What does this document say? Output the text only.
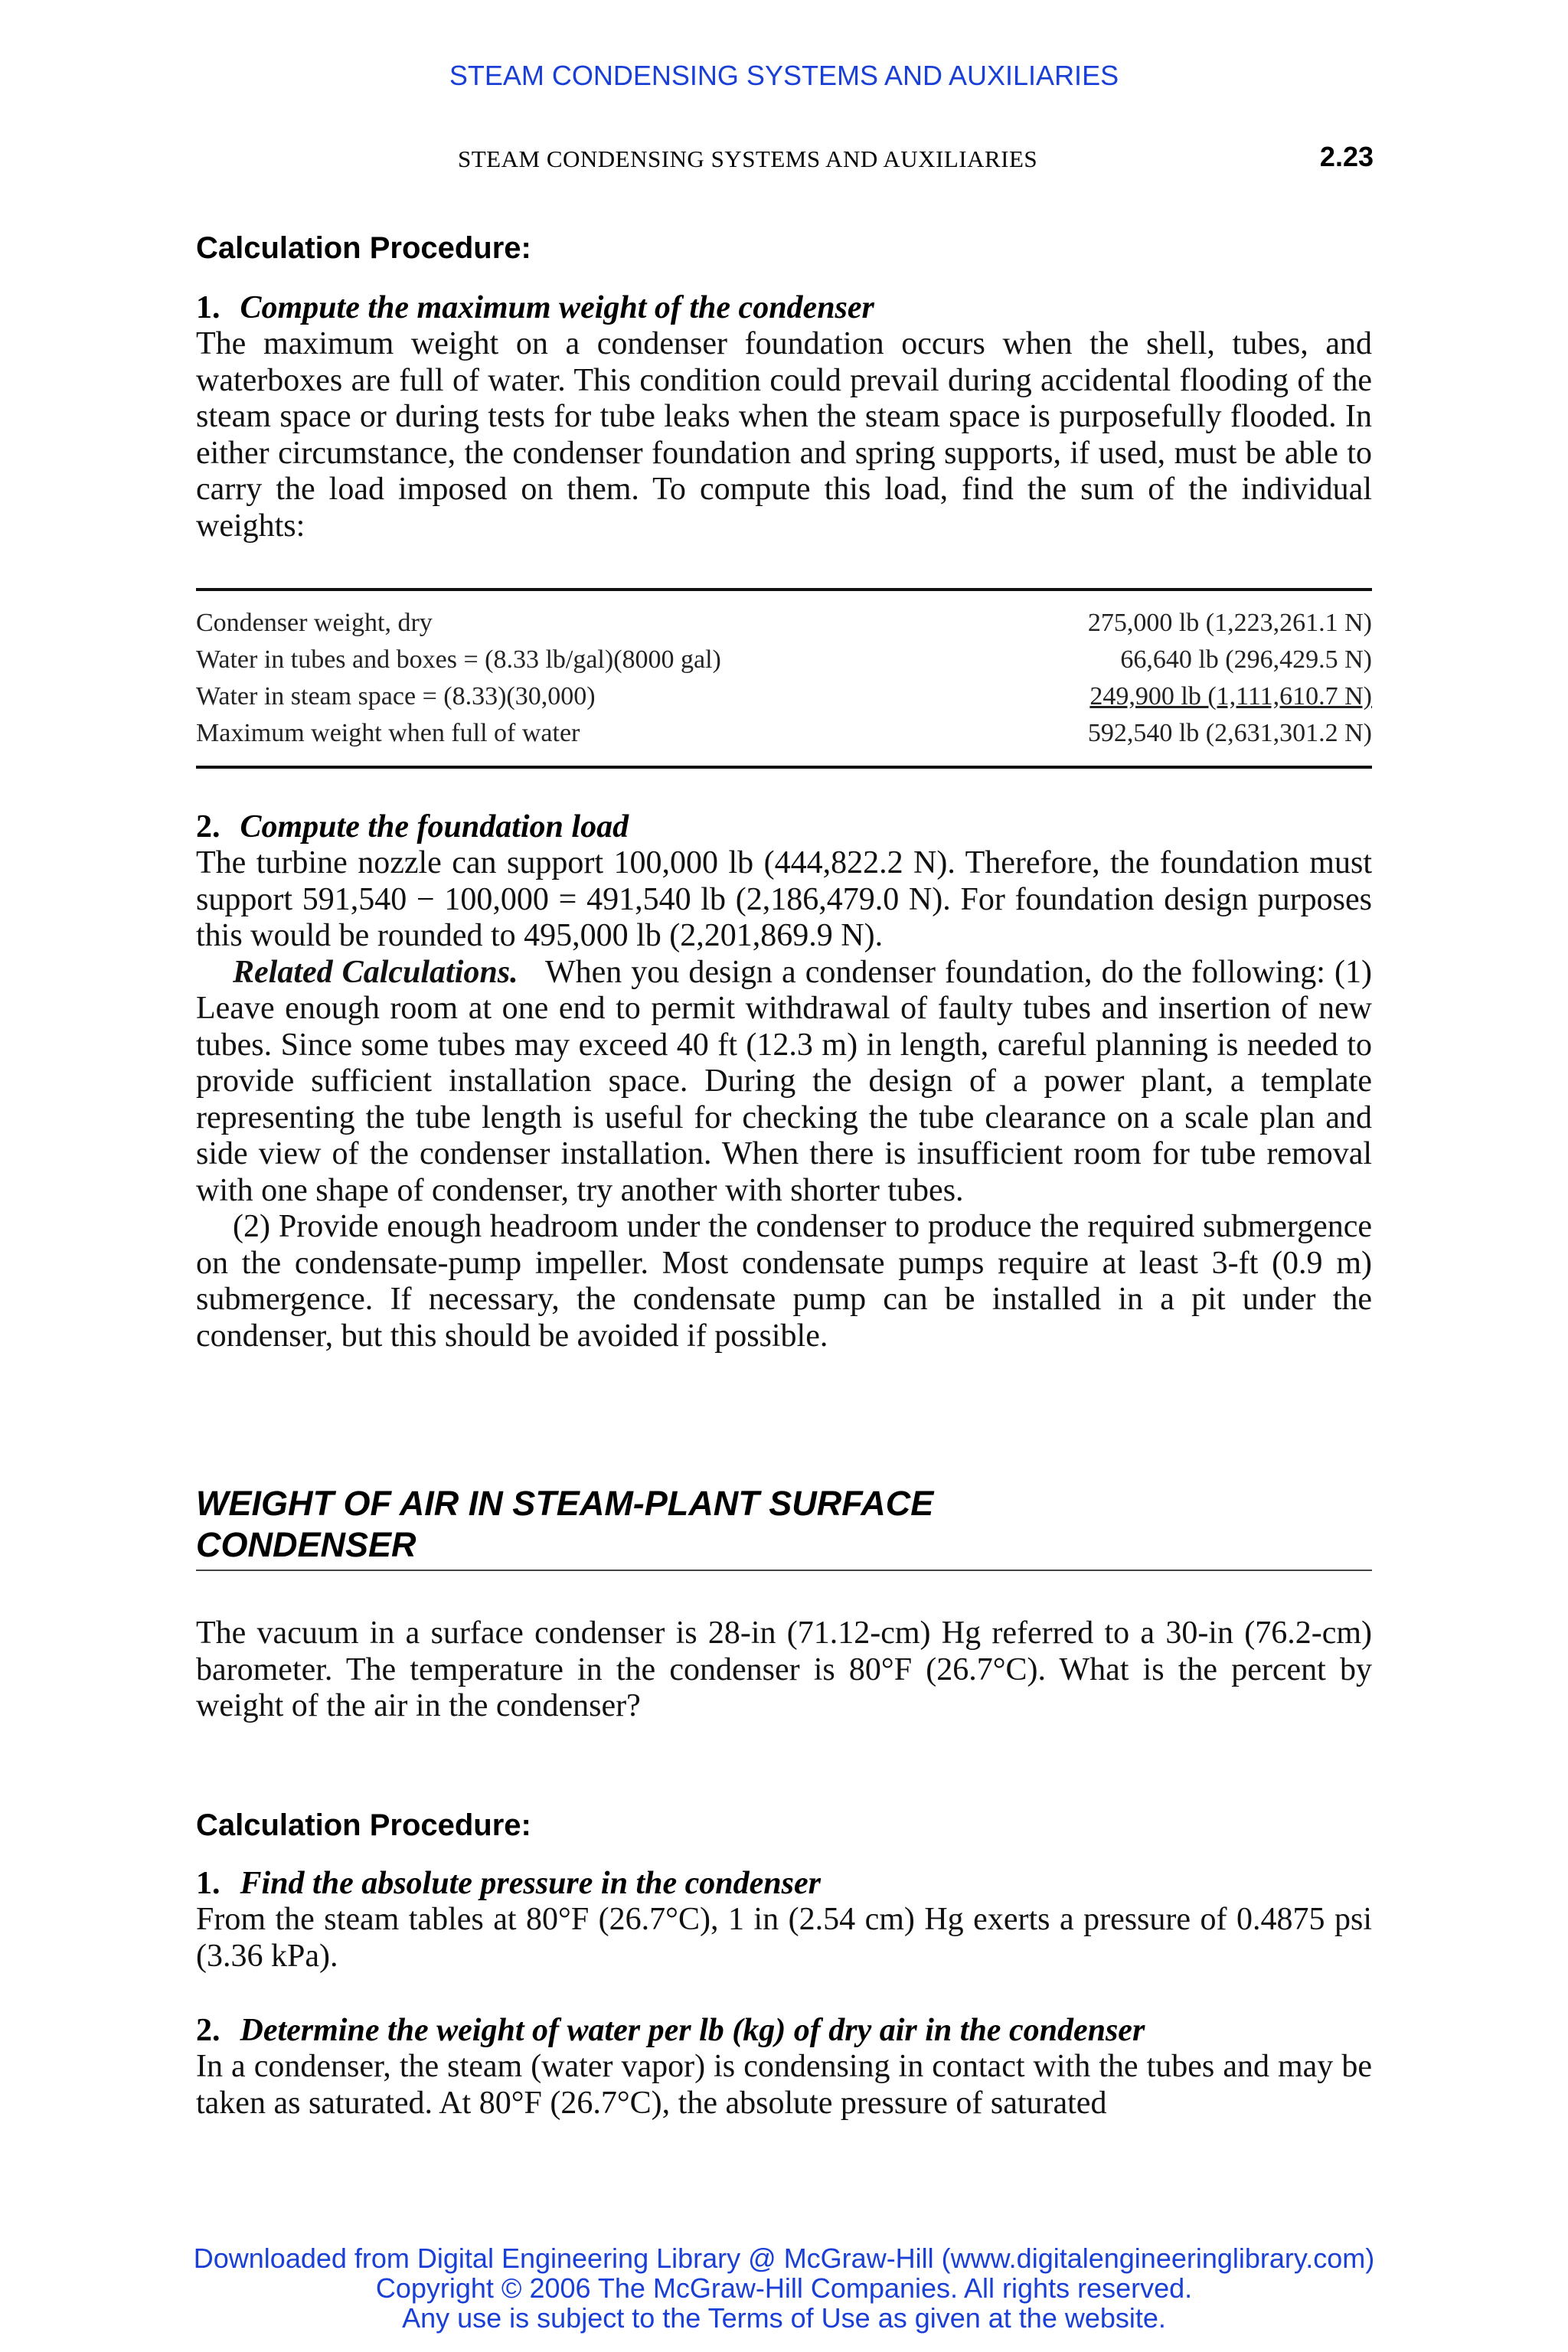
STEAM CONDENSING SYSTEMS AND AUXILIARIES
STEAM CONDENSING SYSTEMS AND AUXILIARIES	2.23
Calculation Procedure:
1. Compute the maximum weight of the condenser

The maximum weight on a condenser foundation occurs when the shell, tubes, and waterboxes are full of water. This condition could prevail during accidental flooding of the steam space or during tests for tube leaks when the steam space is purposefully flooded. In either circumstance, the condenser foundation and spring supports, if used, must be able to carry the load imposed on them. To compute this load, find the sum of the individual weights:

Condenser weight, dry	275,000 lb (1,223,261.1 N)
Water in tubes and boxes = (8.33 lb/gal)(8000 gal)	66,640 lb (296,429.5 N)
Water in steam space = (8.33)(30,000)	249,900 lb (1,111,610.7 N)
Maximum weight when full of water	592,540 lb (2,631,301.2 N)
2. Compute the foundation load

The turbine nozzle can support 100,000 lb (444,822.2 N). Therefore, the foundation must support 591,540 − 100,000 = 491,540 lb (2,186,479.0 N). For foundation design purposes this would be rounded to 495,000 lb (2,201,869.9 N).

Related Calculations. When you design a condenser foundation, do the following: (1) Leave enough room at one end to permit withdrawal of faulty tubes and insertion of new tubes. Since some tubes may exceed 40 ft (12.3 m) in length, careful planning is needed to provide sufficient installation space. During the design of a power plant, a template representing the tube length is useful for checking the tube clearance on a scale plan and side view of the condenser installation. When there is insufficient room for tube removal with one shape of condenser, try another with shorter tubes.

(2) Provide enough headroom under the condenser to produce the required submergence on the condensate-pump impeller. Most condensate pumps require at least 3-ft (0.9 m) submergence. If necessary, the condensate pump can be installed in a pit under the condenser, but this should be avoided if possible.

WEIGHT OF AIR IN STEAM-PLANT SURFACE
CONDENSER

The vacuum in a surface condenser is 28-in (71.12-cm) Hg referred to a 30-in (76.2-cm) barometer. The temperature in the condenser is 80°F (26.7°C). What is the percent by weight of the air in the condenser?

Calculation Procedure:
1. Find the absolute pressure in the condenser

From the steam tables at 80°F (26.7°C), 1 in (2.54 cm) Hg exerts a pressure of 0.4875 psi (3.36 kPa).

2. Determine the weight of water per lb (kg) of dry air in the condenser

In a condenser, the steam (water vapor) is condensing in contact with the tubes and may be taken as saturated. At 80°F (26.7°C), the absolute pressure of saturated

Downloaded from Digital Engineering Library @ McGraw-Hill (www.digitalengineeringlibrary.com)
Copyright © 2006 The McGraw-Hill Companies. All rights reserved.
Any use is subject to the Terms of Use as given at the website.
